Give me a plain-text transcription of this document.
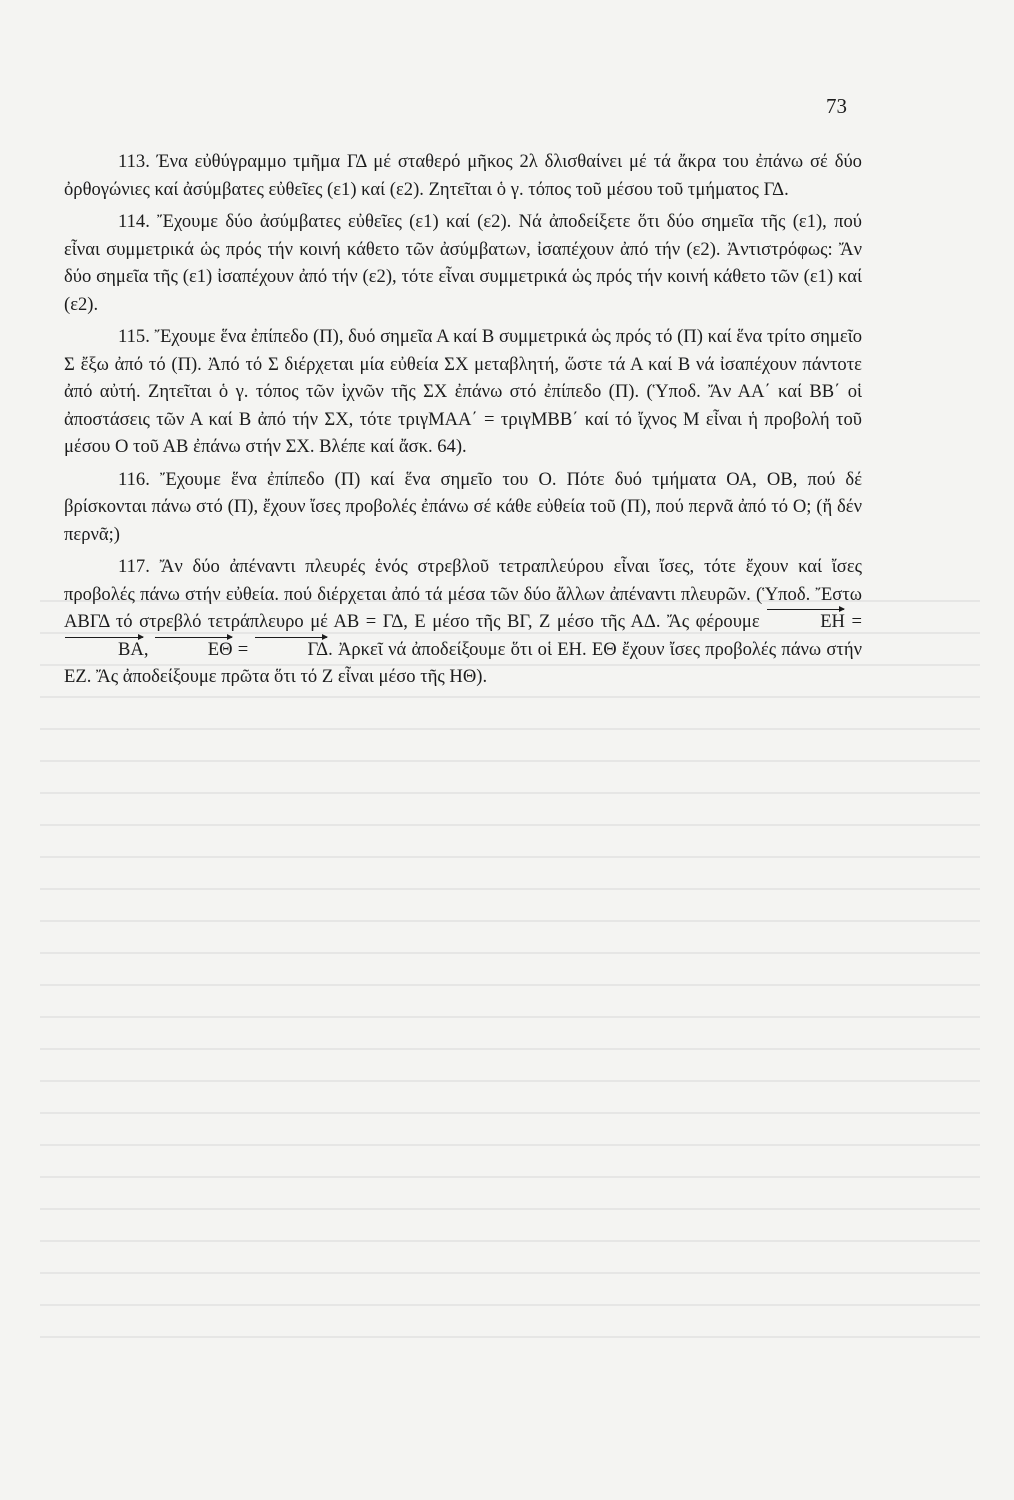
73

113. Ένα εὐθύγραμμο τμῆμα ΓΔ μέ σταθερό μῆκος 2λ δλισθαίνει μέ τά ἄκρα του ἐπάνω σέ δύο ὀρθογώνιες καί ἀσύμβατες εὐθεῖες (ε1) καί (ε2). Ζητεῖται ὁ γ. τόπος τοῦ μέσου τοῦ τμήματος ΓΔ.

114. Ἔχουμε δύο ἀσύμβατες εὐθεῖες (ε1) καί (ε2). Νά ἀποδείξετε ὅτι δύο σημεῖα τῆς (ε1), πού εἶναι συμμετρικά ὡς πρός τήν κοινή κάθετο τῶν ἀσύμβατων, ἰσαπέχουν ἀπό τήν (ε2). Ἀντιστρόφως: Ἄν δύο σημεῖα τῆς (ε1) ἰσαπέχουν ἀπό τήν (ε2), τότε εἶναι συμμετρικά ὡς πρός τήν κοινή κάθετο τῶν (ε1) καί (ε2).

115. Ἔχουμε ἕνα ἐπίπεδο (Π), δυό σημεῖα Α καί Β συμμετρικά ὡς πρός τό (Π) καί ἕνα τρίτο σημεῖο Σ ἔξω ἀπό τό (Π). Ἀπό τό Σ διέρχεται μία εὐθεία ΣΧ μεταβλητή, ὥστε τά Α καί Β νά ἰσαπέχουν πάντοτε ἀπό αὐτή. Ζητεῖται ὁ γ. τόπος τῶν ἰχνῶν τῆς ΣΧ ἐπάνω στό ἐπίπεδο (Π). (Ὑποδ. Ἄν ΑΑ΄ καί ΒΒ΄ οἱ ἀποστάσεις τῶν Α καί Β ἀπό τήν ΣΧ, τότε τριγΜΑΑ΄ = τριγΜΒΒ΄ καί τό ἴχνος Μ εἶναι ἡ προβολή τοῦ μέσου Ο τοῦ ΑΒ ἐπάνω στήν ΣΧ. Βλέπε καί ἄσκ. 64).

116. Ἔχουμε ἕνα ἐπίπεδο (Π) καί ἕνα σημεῖο του Ο. Πότε δυό τμήματα ΟΑ, ΟΒ, πού δέ βρίσκονται πάνω στό (Π), ἔχουν ἴσες προβολές ἐπάνω σέ κάθε εὐθεία τοῦ (Π), πού περνᾶ ἀπό τό Ο; (ἤ δέν περνᾶ;)

117. Ἄν δύο ἀπέναντι πλευρές ἑνός στρεβλοῦ τετραπλεύρου εἶναι ἴσες, τότε ἔχουν καί ἴσες προβολές πάνω στήν εὐθεία. πού διέρχεται ἀπό τά μέσα τῶν δύο ἄλλων ἀπέναντι πλευρῶν. (Ὑποδ. Ἔστω ΑΒΓΔ τό στρεβλό τετράπλευρο μέ ΑΒ = ΓΔ, Ε μέσο τῆς ΒΓ, Ζ μέσο τῆς ΑΔ. Ἄς φέρουμε	ΕΗ = ΒΑ,	ΕΘ =	ΓΔ. Ἀρκεῖ νά ἀποδείξουμε ὅτι οἱ ΕΗ. ΕΘ ἔχουν ἴσες προβολές πάνω στήν ΕΖ. Ἄς ἀποδείξουμε πρῶτα ὅτι τό Ζ εἶναι μέσο τῆς ΗΘ).
